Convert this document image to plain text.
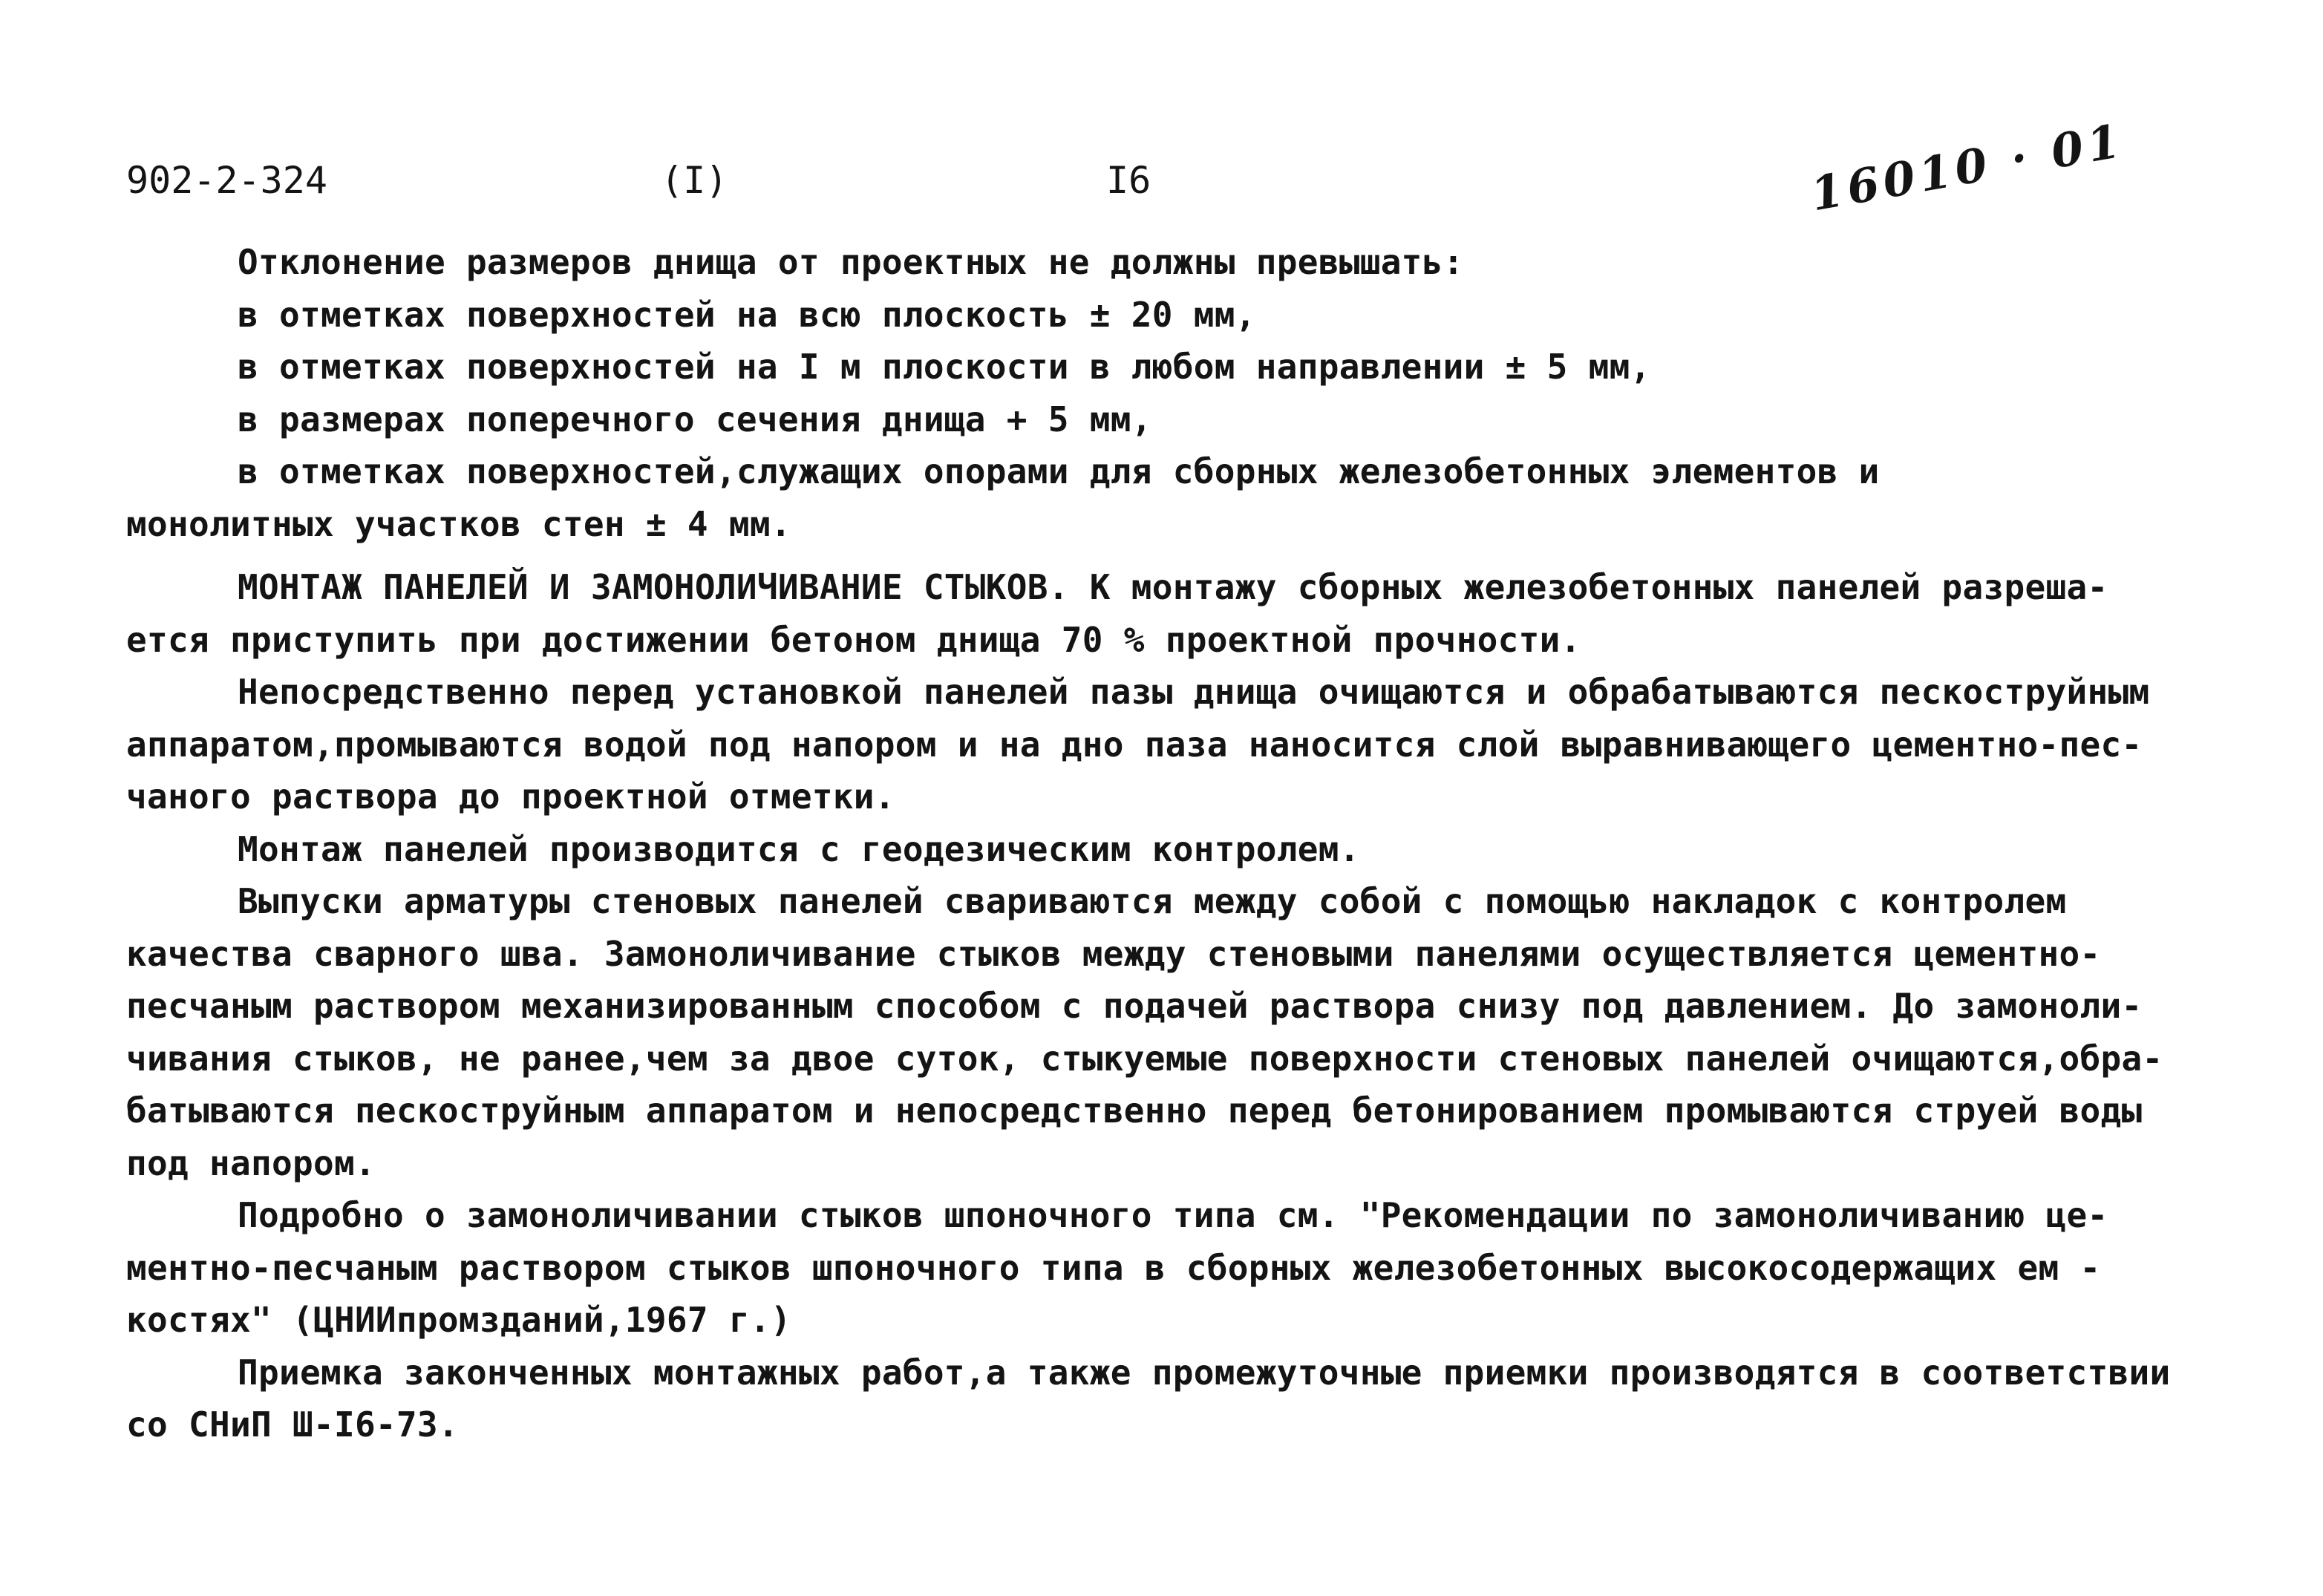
902-2-324	(I)	I6	16010 · 01
Отклонение размеров днища от проектных не должны превышать:
в отметках поверхностей на всю плоскость ± 20 мм,
в отметках поверхностей на I м плоскости в любом направлении ± 5 мм,
в размерах поперечного сечения днища + 5 мм,
в отметках поверхностей,служащих опорами для сборных железобетонных элементов и
монолитных участков стен ± 4 мм.
МОНТАЖ ПАНЕЛЕЙ И ЗАМОНОЛИЧИВАНИЕ СТЫКОВ. К монтажу сборных железобетонных панелей разреша-
ется приступить при достижении бетоном днища 70 % проектной прочности.
Непосредственно перед установкой панелей пазы днища очищаются и обрабатываются пескоструйным
аппаратом,промываются водой под напором и на дно паза наносится слой выравнивающего цементно-пес-
чаного раствора до проектной отметки.
Монтаж панелей производится с геодезическим контролем.
Выпуски арматуры стеновых панелей свариваются между собой с помощью накладок с контролем
качества сварного шва. Замоноличивание стыков между стеновыми панелями осуществляется цементно-
песчаным раствором механизированным способом с подачей раствора снизу под давлением. До замоноли-
чивания стыков, не ранее,чем за двое суток, стыкуемые поверхности стеновых панелей очищаются,обра-
батываются пескоструйным аппаратом и непосредственно перед бетонированием промываются струей воды
под напором.
Подробно о замоноличивании стыков шпоночного типа см. "Рекомендации по замоноличиванию це-
ментно-песчаным раствором стыков шпоночного типа в сборных железобетонных высокосодержащих ем -
костях" (ЦНИИпромзданий,1967 г.)
Приемка законченных монтажных работ,а также промежуточные приемки производятся в соответствии
со СНиП Ш-I6-73.
